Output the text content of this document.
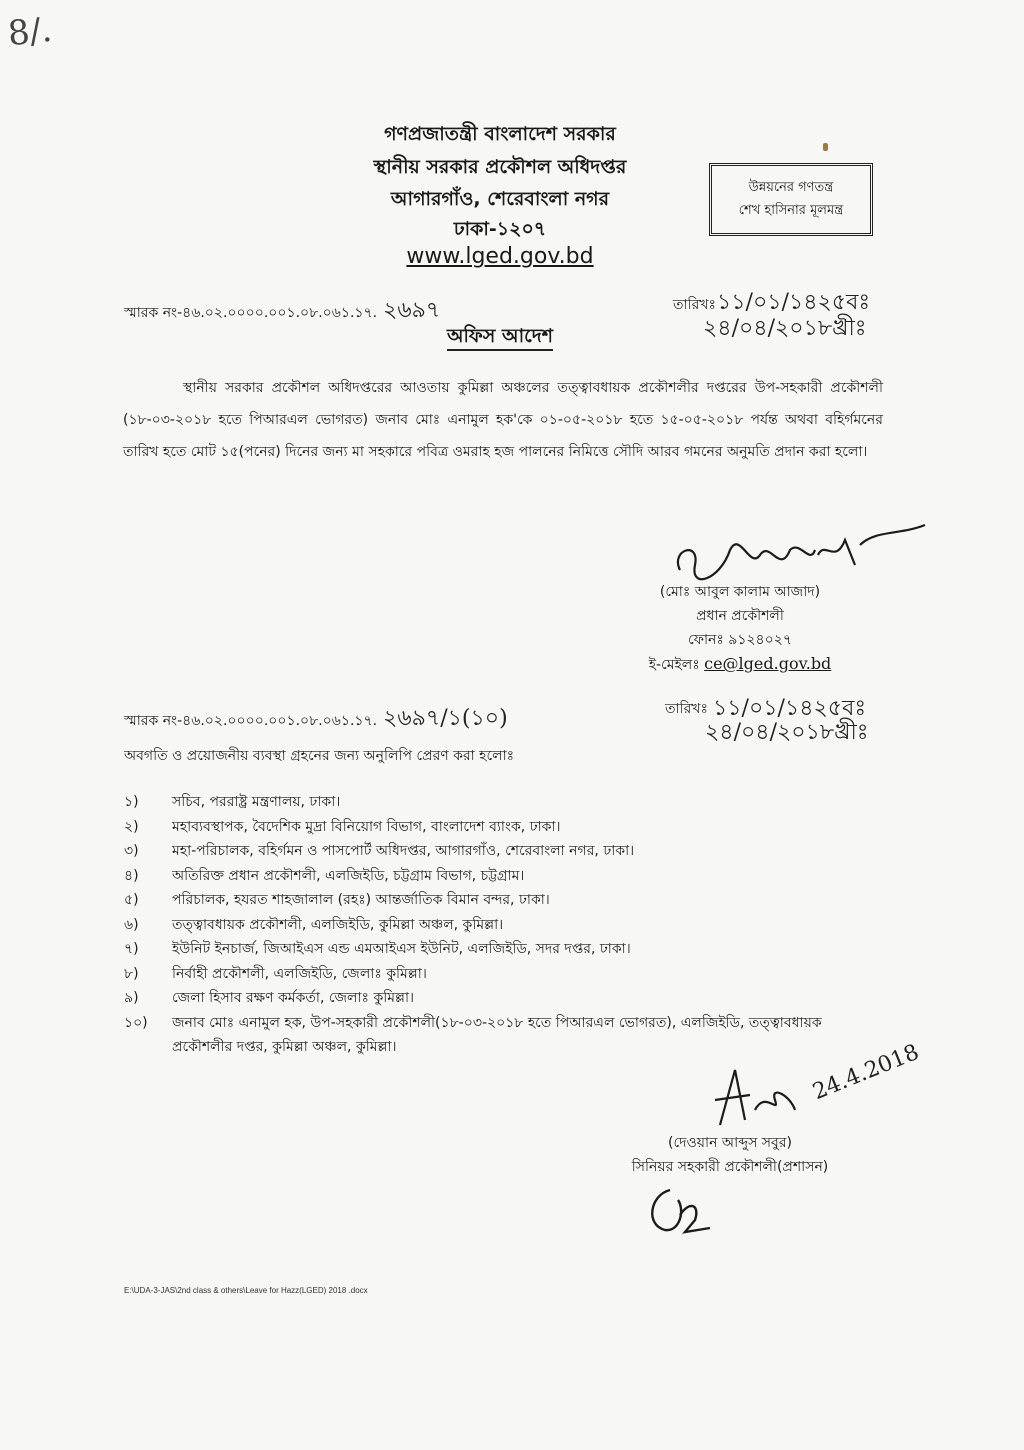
8/.
গণপ্রজাতন্ত্রী বাংলাদেশ সরকার
স্থানীয় সরকার প্রকৌশল অধিদপ্তর
আগারগাঁও, শেরেবাংলা নগর
ঢাকা-১২০৭
www.lged.gov.bd
উন্নয়নের গণতন্ত্র
শেখ হাসিনার মূলমন্ত্র
স্মারক নং-৪৬.০২.০০০০.০০১.০৮.০৬১.১৭. ২৬৯৭	তারিখঃ ১১/০১/১৪২৫বঃ
২৪/০৪/২০১৮খ্রীঃ
অফিস আদেশ
স্থানীয় সরকার প্রকৌশল অধিদপ্তরের আওতায় কুমিল্লা অঞ্চলের তত্ত্বাবধায়ক প্রকৌশলীর দপ্তরের উপ-সহকারী প্রকৌশলী (১৮-০৩-২০১৮ হতে পিআরএল ভোগরত) জনাব মোঃ এনামুল হক'কে ০১-০৫-২০১৮ হতে ১৫-০৫-২০১৮ পর্যন্ত অথবা বহির্গমনের তারিখ হতে মোট ১৫(পনের) দিনের জন্য মা সহকারে পবিত্র ওমরাহ হজ পালনের নিমিত্তে সৌদি আরব গমনের অনুমতি প্রদান করা হলো।
(মোঃ আবুল কালাম আজাদ)
প্রধান প্রকৌশলী
ফোনঃ ৯১২৪০২৭
ই-মেইলঃ ce@lged.gov.bd
স্মারক নং-৪৬.০২.০০০০.০০১.০৮.০৬১.১৭. ২৬৯৭/১(১০)	তারিখঃ ১১/০১/১৪২৫বঃ
২৪/০৪/২০১৮খ্রীঃ
অবগতি ও প্রয়োজনীয় ব্যবস্থা গ্রহনের জন্য অনুলিপি প্রেরণ করা হলোঃ
১)	সচিব, পররাষ্ট্র মন্ত্রণালয়, ঢাকা।
২)	মহাব্যবস্থাপক, বৈদেশিক মুদ্রা বিনিয়োগ বিভাগ, বাংলাদেশ ব্যাংক, ঢাকা।
৩)	মহা-পরিচালক, বহির্গমন ও পাসপোর্ট অধিদপ্তর, আগারগাঁও, শেরেবাংলা নগর, ঢাকা।
৪)	অতিরিক্ত প্রধান প্রকৌশলী, এলজিইডি, চট্টগ্রাম বিভাগ, চট্টগ্রাম।
৫)	পরিচালক, হযরত শাহজালাল (রহঃ) আন্তর্জাতিক বিমান বন্দর, ঢাকা।
৬)	তত্ত্বাবধায়ক প্রকৌশলী, এলজিইডি, কুমিল্লা অঞ্চল, কুমিল্লা।
৭)	ইউনিট ইনচার্জ, জিআইএস এন্ড এমআইএস ইউনিট, এলজিইডি, সদর দপ্তর, ঢাকা।
৮)	নির্বাহী প্রকৌশলী, এলজিইডি, জেলাঃ কুমিল্লা।
৯)	জেলা হিসাব রক্ষণ কর্মকর্তা, জেলাঃ কুমিল্লা।
১০)	জনাব মোঃ এনামুল হক, উপ-সহকারী প্রকৌশলী(১৮-০৩-২০১৮ হতে পিআরএল ভোগরত), এলজিইডি, তত্ত্বাবধায়ক প্রকৌশলীর দপ্তর, কুমিল্লা অঞ্চল, কুমিল্লা।	24.4.2018
(দেওয়ান আব্দুস সবুর)
সিনিয়র সহকারী প্রকৌশলী(প্রশাসন)
E:\UDA-3-JAS\2nd class & others\Leave for Hazz(LGED) 2018 .docx
